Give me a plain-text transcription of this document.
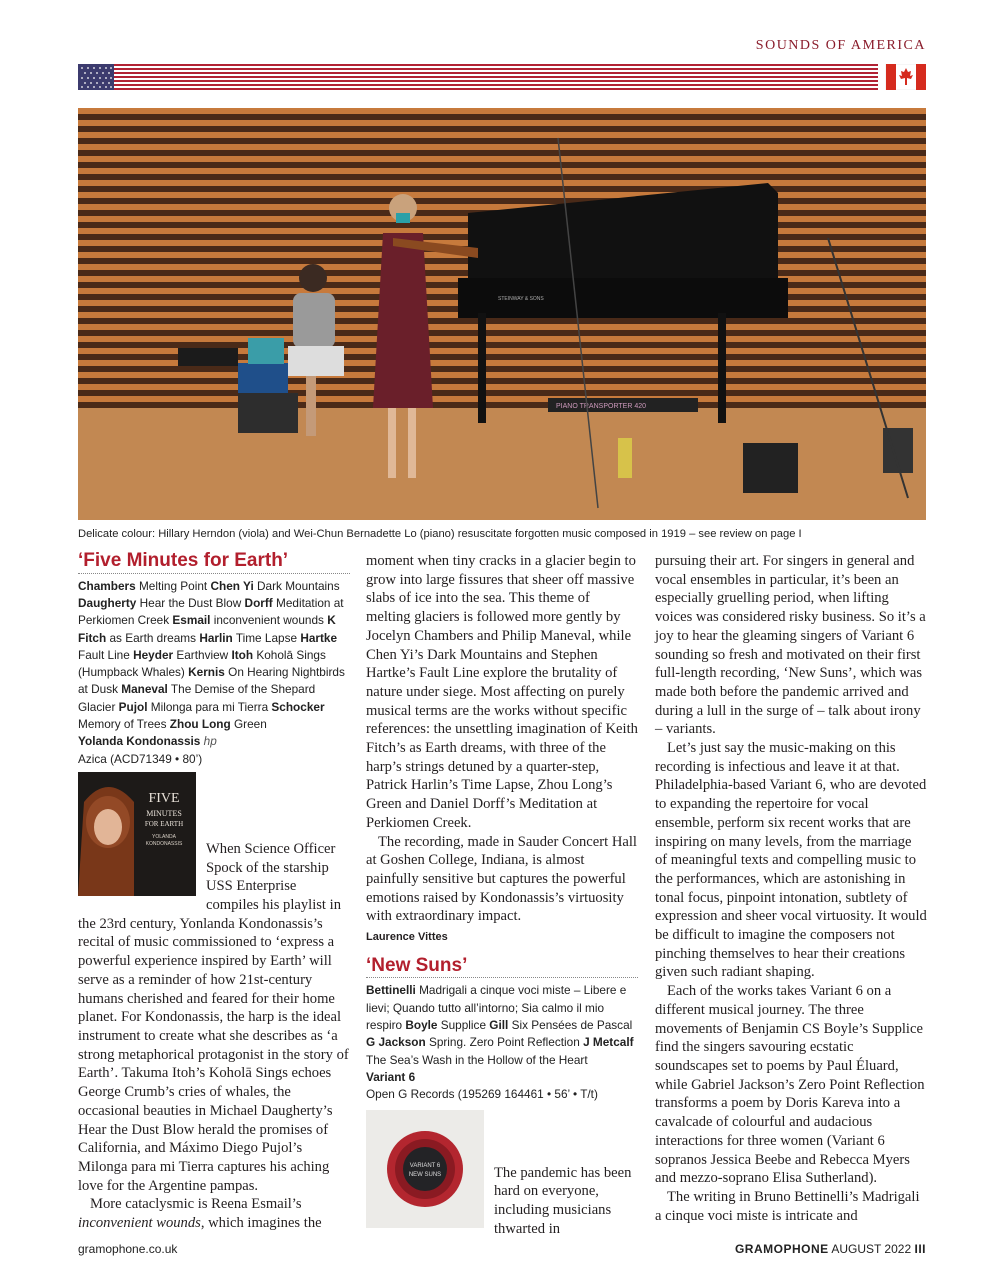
SOUNDS OF AMERICA
STEINWAY & SONS
PIANO TRANSPORTER 420
Delicate colour: Hillary Herndon (viola) and Wei-Chun Bernadette Lo (piano) resuscitate forgotten music composed in 1919 – see review on page I
‘Five Minutes for Earth’
Chambers Melting Point Chen Yi Dark Mountains Daugherty Hear the Dust Blow Dorff Meditation at Perkiomen Creek Esmail inconvenient wounds K Fitch as Earth dreams Harlin Time Lapse Hartke Fault Line Heyder Earthview Itoh Koholā Sings (Humpback Whales) Kernis On Hearing Nightbirds at Dusk Maneval The Demise of the Shepard Glacier Pujol Milonga para mi Tierra Schocker Memory of Trees Zhou Long Green
Yolanda Kondonassis hp
Azica (ACD71349 • 80’)
FIVE
MINUTES
FOR EARTH
YOLANDA
KONDONASSIS	When Science Officer Spock of the starship USS Enterprise compiles his playlist in the 23rd century, Yonlanda Kondonassis’s recital of music commissioned to ‘express a powerful experience inspired by Earth’ will serve as a reminder of how 21st-century humans cherished and feared for their home planet. For Kondonassis, the harp is the ideal instrument to create what she describes as ‘a strong metaphorical protagonist in the story of Earth’. Takuma Itoh’s Koholā Sings echoes George Crumb’s cries of whales, the occasional beauties in Michael Daugherty’s Hear the Dust Blow herald the promises of California, and Máximo Diego Pujol’s Milonga para mi Tierra captures his aching love for the Argentine pampas.

More cataclysmic is Reena Esmail’s inconvenient wounds, which imagines the

moment when tiny cracks in a glacier begin to grow into large fissures that sheer off massive slabs of ice into the sea. This theme of melting glaciers is followed more gently by Jocelyn Chambers and Philip Maneval, while Chen Yi’s Dark Mountains and Stephen Hartke’s Fault Line explore the brutality of nature under siege. Most affecting on purely musical terms are the works without specific references: the unsettling imagination of Keith Fitch’s as Earth dreams, with three of the harp’s strings detuned by a quarter-step, Patrick Harlin’s Time Lapse, Zhou Long’s Green and Daniel Dorff’s Meditation at Perkiomen Creek.

The recording, made in Sauder Concert Hall at Goshen College, Indiana, is almost painfully sensitive but captures the powerful emotions raised by Kondonassis’s virtuosity with extraordinary impact.

Laurence Vittes
‘New Suns’
Bettinelli Madrigali a cinque voci miste – Libere e lievi; Quando tutto all’intorno; Sia calmo il mio respiro Boyle Supplice Gill Six Pensées de Pascal G Jackson Spring. Zero Point Reflection J Metcalf The Sea’s Wash in the Hollow of the Heart
Variant 6
Open G Records (195269 164461 • 56’ • T/t)
VARIANT 6
NEW SUNS	The pandemic has been hard on everyone, including musicians thwarted in

pursuing their art. For singers in general and vocal ensembles in particular, it’s been an especially gruelling period, when lifting voices was considered risky business. So it’s a joy to hear the gleaming singers of Variant 6 sounding so fresh and motivated on their first full-length recording, ‘New Suns’, which was made both before the pandemic arrived and during a lull in the surge of – talk about irony – variants.

Let’s just say the music-making on this recording is infectious and leave it at that. Philadelphia-based Variant 6, who are devoted to expanding the repertoire for vocal ensemble, perform six recent works that are inspiring on many levels, from the marriage of meaningful texts and compelling music to the performances, which are astonishing in tonal focus, pinpoint intonation, subtlety of expression and sheer vocal virtuosity. It would be difficult to imagine the composers not pinching themselves to hear their creations given such radiant shaping.

Each of the works takes Variant 6 on a different musical journey. The three movements of Benjamin CS Boyle’s Supplice find the singers savouring ecstatic soundscapes set to poems by Paul Éluard, while Gabriel Jackson’s Zero Point Reflection transforms a poem by Doris Kareva into a cavalcade of colourful and audacious interactions for three women (Variant 6 sopranos Jessica Beebe and Rebecca Myers and mezzo-soprano Elisa Sutherland).

The writing in Bruno Bettinelli’s Madrigali a cinque voci miste is intricate and

gramophone.co.uk	GRAMOPHONE AUGUST 2022 III
